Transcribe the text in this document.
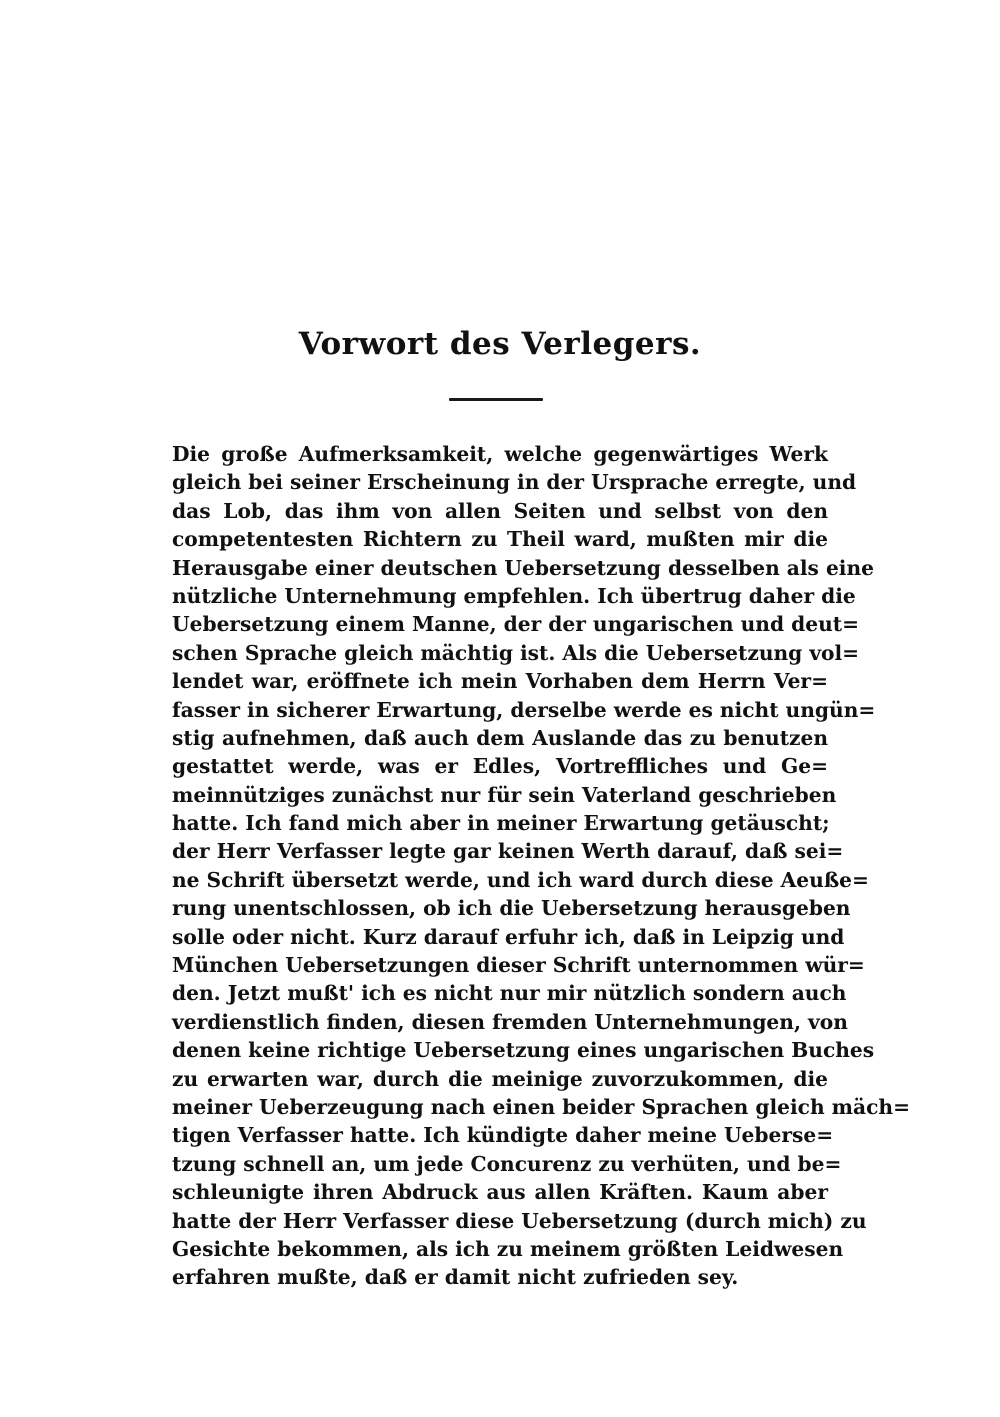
Vorwort des Verlegers.
Die große Aufmerksamkeit, welche gegenwärtiges Werk
gleich bei seiner Erscheinung in der Ursprache erregte, und
das Lob, das ihm von allen Seiten und selbst von den
competentesten Richtern zu Theil ward, mußten mir die
Herausgabe einer deutschen Uebersetzung desselben als eine
nützliche Unternehmung empfehlen. Ich übertrug daher die
Uebersetzung einem Manne, der der ungarischen und deut=
schen Sprache gleich mächtig ist. Als die Uebersetzung vol=
lendet war, eröffnete ich mein Vorhaben dem Herrn Ver=
fasser in sicherer Erwartung, derselbe werde es nicht ungün=
stig aufnehmen, daß auch dem Auslande das zu benutzen
gestattet werde, was er Edles, Vortreffliches und Ge=
meinnütziges zunächst nur für sein Vaterland geschrieben
hatte. Ich fand mich aber in meiner Erwartung getäuscht;
der Herr Verfasser legte gar keinen Werth darauf, daß sei=
ne Schrift übersetzt werde, und ich ward durch diese Aeuße=
rung unentschlossen, ob ich die Uebersetzung herausgeben
solle oder nicht. Kurz darauf erfuhr ich, daß in Leipzig und
München Uebersetzungen dieser Schrift unternommen wür=
den. Jetzt mußt' ich es nicht nur mir nützlich sondern auch
verdienstlich finden, diesen fremden Unternehmungen, von
denen keine richtige Uebersetzung eines ungarischen Buches
zu erwarten war, durch die meinige zuvorzukommen, die
meiner Ueberzeugung nach einen beider Sprachen gleich mäch=
tigen Verfasser hatte. Ich kündigte daher meine Ueberse=
tzung schnell an, um jede Concurenz zu verhüten, und be=
schleunigte ihren Abdruck aus allen Kräften. Kaum aber
hatte der Herr Verfasser diese Uebersetzung (durch mich) zu
Gesichte bekommen, als ich zu meinem größten Leidwesen
erfahren mußte, daß er damit nicht zufrieden sey.
